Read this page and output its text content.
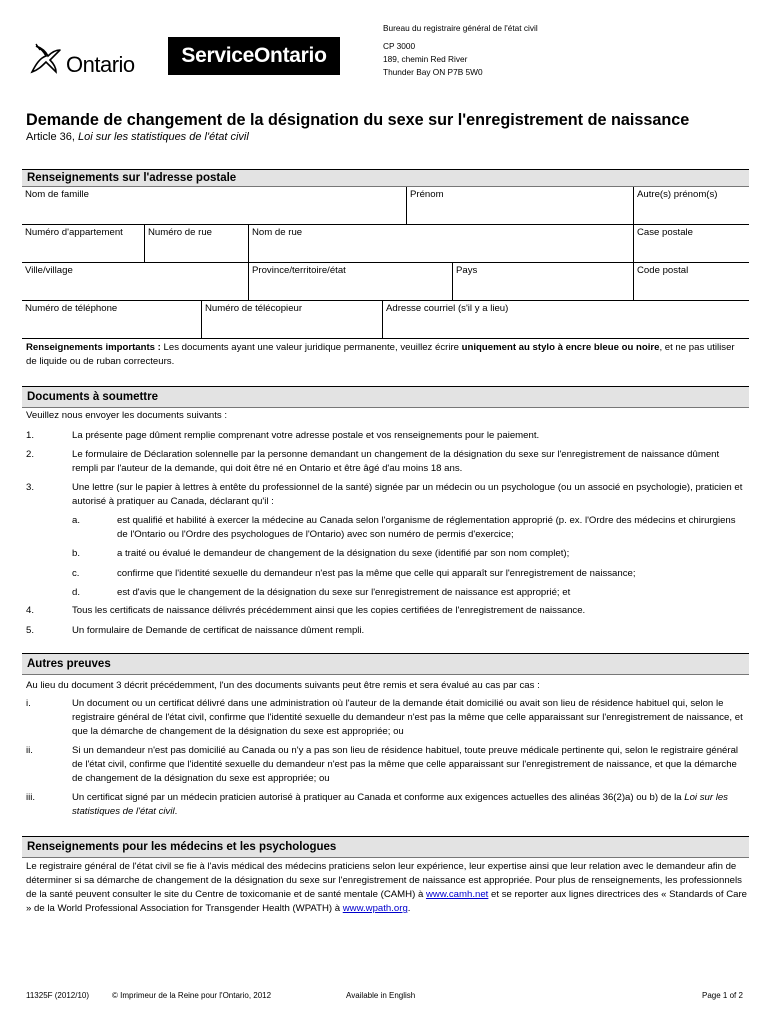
Ontario	ServiceOntario
Bureau du registraire général de l'état civil
CP 3000
189, chemin Red River
Thunder Bay ON P7B 5W0
Demande de changement de la désignation du sexe sur l'enregistrement de naissance
Article 36, Loi sur les statistiques de l'état civil
Renseignements sur l'adresse postale
Nom de famille	Prénom	Autre(s) prénom(s)
Numéro d'appartement	Numéro de rue	Nom de rue	Case postale
Ville/village	Province/territoire/état	Pays	Code postal
Numéro de téléphone	Numéro de télécopieur	Adresse courriel (s'il y a lieu)
Renseignements importants : Les documents ayant une valeur juridique permanente, veuillez écrire uniquement au stylo à encre bleue ou noire, et ne pas utiliser de liquide ou de ruban correcteurs.
Documents à soumettre
Veuillez nous envoyer les documents suivants :
1.	La présente page dûment remplie comprenant votre adresse postale et vos renseignements pour le paiement.
2.	Le formulaire de Déclaration solennelle par la personne demandant un changement de la désignation du sexe sur l'enregistrement de naissance dûment rempli par l'auteur de la demande, qui doit être né en Ontario et être âgé d'au moins 18 ans.
3.	Une lettre (sur le papier à lettres à entête du professionnel de la santé) signée par un médecin ou un psychologue (ou un associé en psychologie), praticien et autorisé à pratiquer au Canada, déclarant qu'il :
a.	est qualifié et habilité à exercer la médecine au Canada selon l'organisme de réglementation approprié (p. ex. l'Ordre des médecins et chirurgiens de l'Ontario ou l'Ordre des psychologues de l'Ontario) avec son numéro de permis d'exercice;
b.	a traité ou évalué le demandeur de changement de la désignation du sexe (identifié par son nom complet);
c.	confirme que l'identité sexuelle du demandeur n'est pas la même que celle qui apparaît sur l'enregistrement de naissance;
d.	est d'avis que le changement de la désignation du sexe sur l'enregistrement de naissance est approprié; et
4.	Tous les certificats de naissance délivrés précédemment ainsi que les copies certifiées de l'enregistrement de naissance.
5.	Un formulaire de Demande de certificat de naissance dûment rempli.
Autres preuves
Au lieu du document 3 décrit précédemment, l'un des documents suivants peut être remis et sera évalué au cas par cas :
i.	Un document ou un certificat délivré dans une administration où l'auteur de la demande était domicilié ou avait son lieu de résidence habituel qui, selon le registraire général de l'état civil, confirme que l'identité sexuelle du demandeur n'est pas la même que celle apparaissant sur l'enregistrement de naissance, et que la démarche de changement de la désignation du sexe est appropriée; ou
ii.	Si un demandeur n'est pas domicilié au Canada ou n'y a pas son lieu de résidence habituel, toute preuve médicale pertinente qui, selon le registraire général de l'état civil, confirme que l'identité sexuelle du demandeur n'est pas la même que celle apparaissant sur l'enregistrement de naissance, et que la démarche de changement de la désignation du sexe est appropriée; ou
iii.	Un certificat signé par un médecin praticien autorisé à pratiquer au Canada et conforme aux exigences actuelles des alinéas 36(2)a) ou b) de la Loi sur les statistiques de l'état civil.
Renseignements pour les médecins et les psychologues
Le registraire général de l'état civil se fie à l'avis médical des médecins praticiens selon leur expérience, leur expertise ainsi que leur relation avec le demandeur afin de déterminer si sa démarche de changement de la désignation du sexe sur l'enregistrement de naissance est appropriée. Pour plus de renseignements, les professionnels de la santé peuvent consulter le site du Centre de toxicomanie et de santé mentale (CAMH) à www.camh.net et se reporter aux lignes directrices des « Standards of Care » de la World Professional Association for Transgender Health (WPATH) à www.wpath.org.
11325F (2012/10)	© Imprimeur de la Reine pour l'Ontario, 2012	Available in English	Page 1 of 2
